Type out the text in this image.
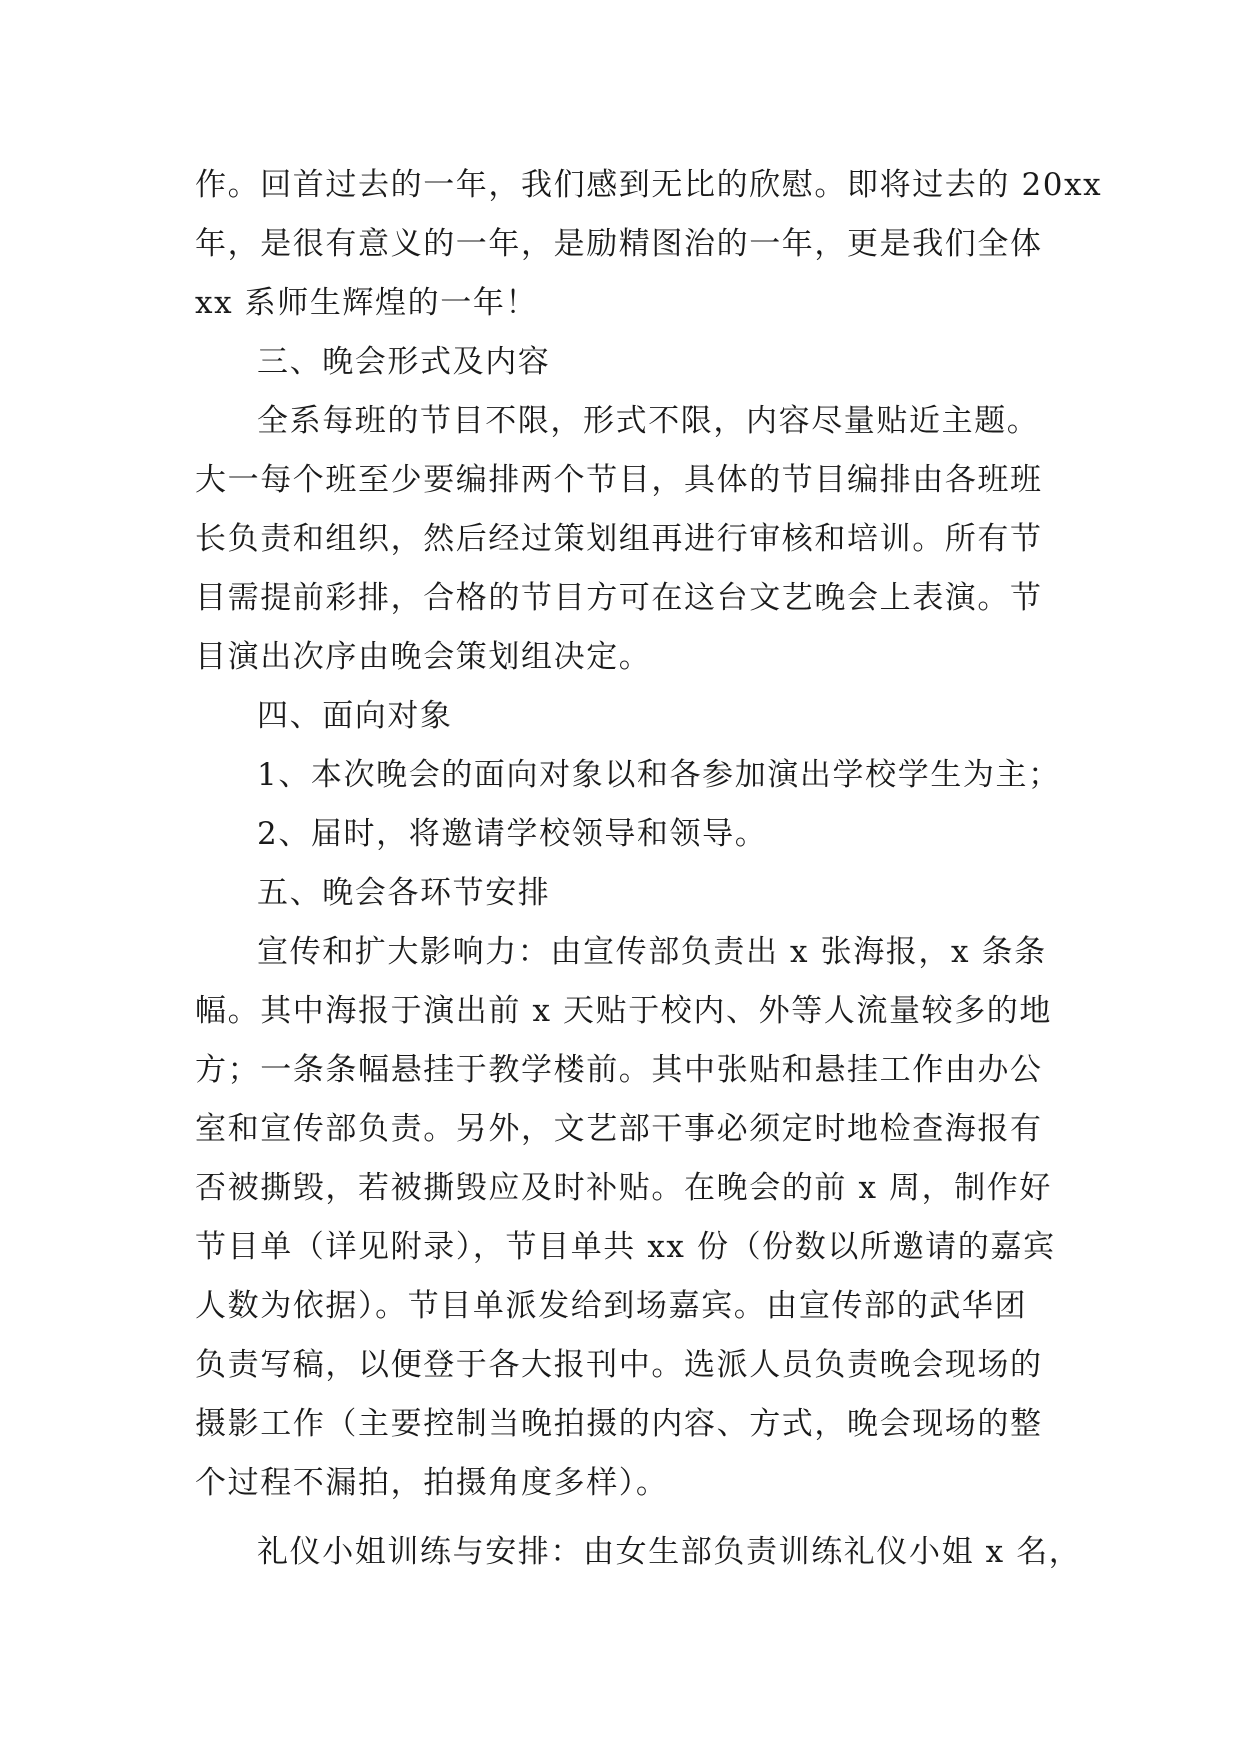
作。回首过去的一年，我们感到无比的欣慰。即将过去的 20xx
年，是很有意义的一年，是励精图治的一年，更是我们全体
xx 系师生辉煌的一年！
三、晚会形式及内容
全系每班的节目不限，形式不限，内容尽量贴近主题。
大一每个班至少要编排两个节目，具体的节目编排由各班班
长负责和组织，然后经过策划组再进行审核和培训。所有节
目需提前彩排，合格的节目方可在这台文艺晚会上表演。节
目演出次序由晚会策划组决定。
四、面向对象
1、本次晚会的面向对象以和各参加演出学校学生为主；
2、届时，将邀请学校领导和领导。
五、晚会各环节安排
宣传和扩大影响力：由宣传部负责出 x 张海报，x 条条
幅。其中海报于演出前 x 天贴于校内、外等人流量较多的地
方；一条条幅悬挂于教学楼前。其中张贴和悬挂工作由办公
室和宣传部负责。另外，文艺部干事必须定时地检查海报有
否被撕毁，若被撕毁应及时补贴。在晚会的前 x 周，制作好
节目单（详见附录），节目单共 xx 份（份数以所邀请的嘉宾
人数为依据）。节目单派发给到场嘉宾。由宣传部的武华团
负责写稿，以便登于各大报刊中。选派人员负责晚会现场的
摄影工作（主要控制当晚拍摄的内容、方式，晚会现场的整
个过程不漏拍，拍摄角度多样）。
礼仪小姐训练与安排：由女生部负责训练礼仪小姐 x 名，
